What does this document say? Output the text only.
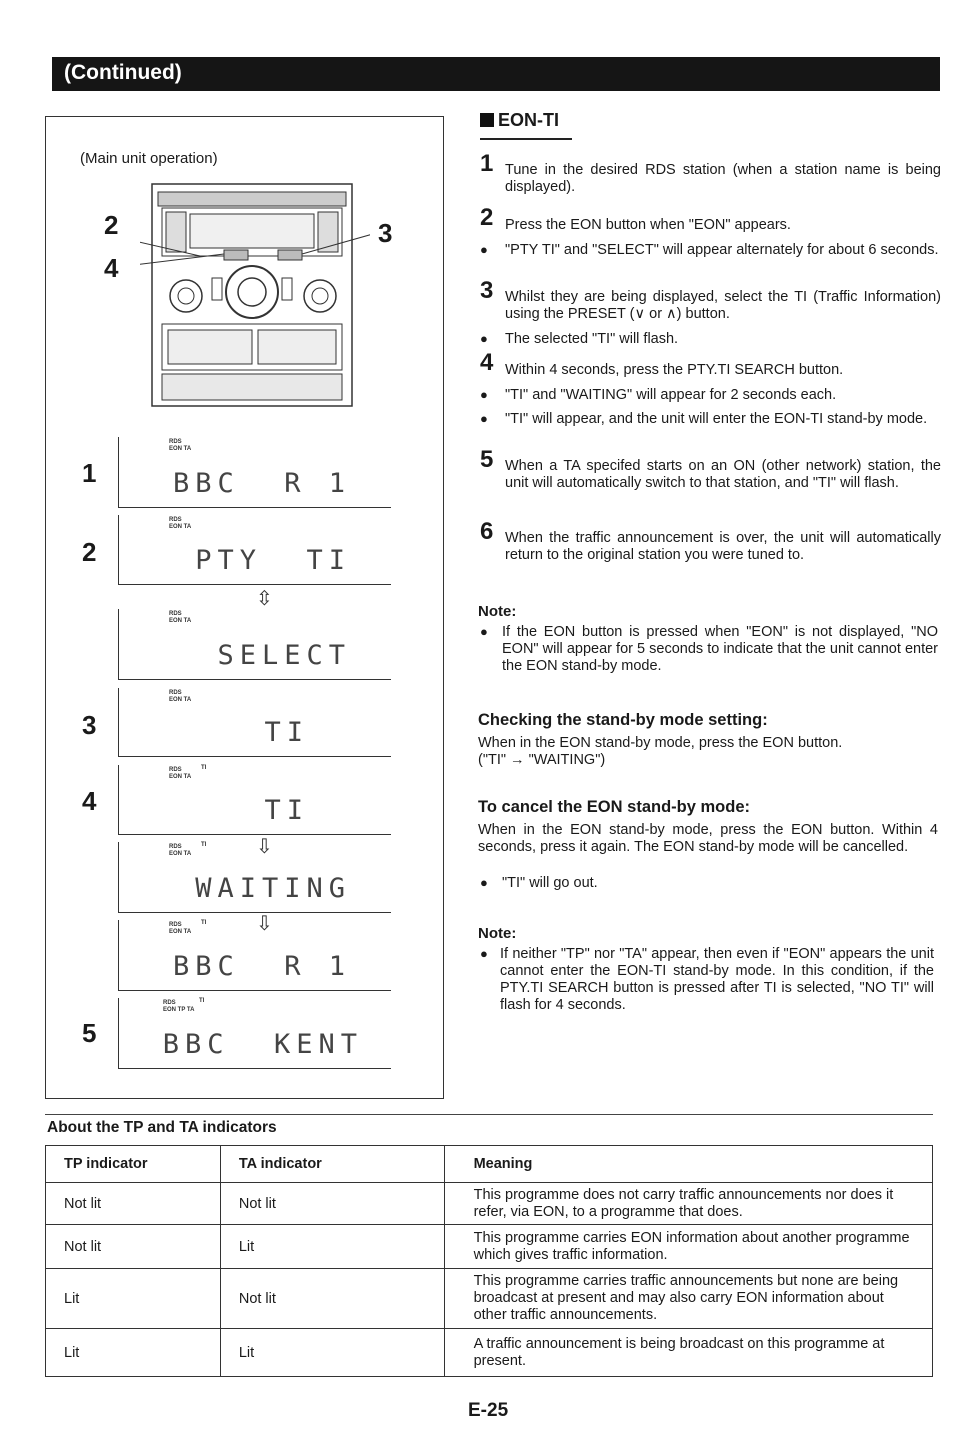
(Continued)
(Main unit operation)
2
4
3
1
RDS
EON TA
BBC  R 1
2
RDS
EON TA
PTY  TI
⇳
RDS
EON TA
SELECT
3
RDS
EON TA
TI
4
RDS
EON TA
TI
TI
⇩
RDS
EON TA
TI
WAITING
⇩
RDS
EON TA
TI
BBC  R 1
5
RDS
EON TP TA
TI
BBC  KENT
EON-TI
1 Tune in the desired RDS station (when a station name is being displayed).
2 Press the EON button when "EON" appears.
● "PTY TI" and "SELECT" will appear alternately for about 6 seconds.
3 Whilst they are being displayed, select the TI (Traffic Information) using the PRESET (∨ or ∧) button.
● The selected "TI" will flash.
4 Within 4 seconds, press the PTY.TI SEARCH button.
● "TI" and "WAITING" will appear for 2 seconds each.
● "TI" will appear, and the unit will enter the EON-TI stand-by mode.
5 When a TA specifed starts on an ON (other network) station, the unit will automatically switch to that station, and "TI" will flash.
6 When the traffic announcement is over, the unit will automatically return to the original station you were tuned to.
Note:
● If the EON button is pressed when "EON" is not displayed, "NO EON" will appear for 5 seconds to indicate that the unit cannot enter the EON stand-by mode.
Checking the stand-by mode setting:
When in the EON stand-by mode, press the EON button.
("TI" → "WAITING")
To cancel the EON stand-by mode:
When in the EON stand-by mode, press the EON button. Within 4 seconds, press it again. The EON stand-by mode will be cancelled.
● "TI" will go out.
Note:
● If neither "TP" nor "TA" appear, then even if "EON" appears the unit cannot enter the EON-TI stand-by mode. In this condition, if the PTY.TI SEARCH button is pressed after TI is selected, "NO TI" will flash for 4 seconds.
About the TP and TA indicators
TP indicator	TA indicator	Meaning
Not lit	Not lit	This programme does not carry traffic announcements nor does it refer, via EON, to a programme that does.
Not lit	Lit	This programme carries EON information about another programme which gives traffic information.
Lit	Not lit	This programme carries traffic announcements but none are being broadcast at present and may also carry EON information about other traffic announcements.
Lit	Lit	A traffic announcement is being broadcast on this programme at present.
E-25
